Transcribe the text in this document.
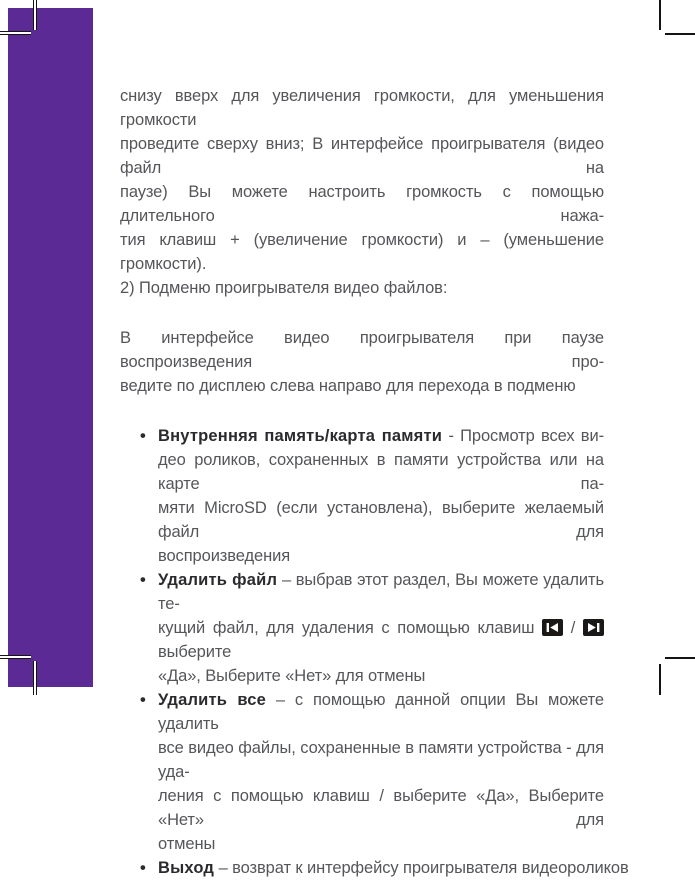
снизу вверх для увеличения громкости, для уменьшения громкости
проведите сверху вниз; В интерфейсе проигрывателя (видео файл на
паузе) Вы можете настроить громкость с помощью длительного нажа-
тия клавиш + (увеличение громкости) и – (уменьшение громкости).
2) Подменю проигрывателя видео файлов:
В интерфейсе видео проигрывателя при паузе воспроизведения про-
ведите по дисплею слева направо для перехода в подменю
• Внутренняя память/карта памяти - Просмотр всех ви-
део роликов, сохраненных в памяти устройства или на карте па-
мяти MicroSD (если установлена), выберите желаемый файл для
воспроизведения
• Удалить файл – выбрав этот раздел, Вы можете удалить те-
кущий файл, для удаления с помощью клавиш
/
выберите
«Да», Выберите «Нет» для отмены
• Удалить все – с помощью данной опции Вы можете удалить
все видео файлы, сохраненные в памяти устройства - для уда-
ления с помощью клавиш / выберите «Да», Выберите «Нет» для
отмены
• Выход – возврат к интерфейсу проигрывателя видеороликов
